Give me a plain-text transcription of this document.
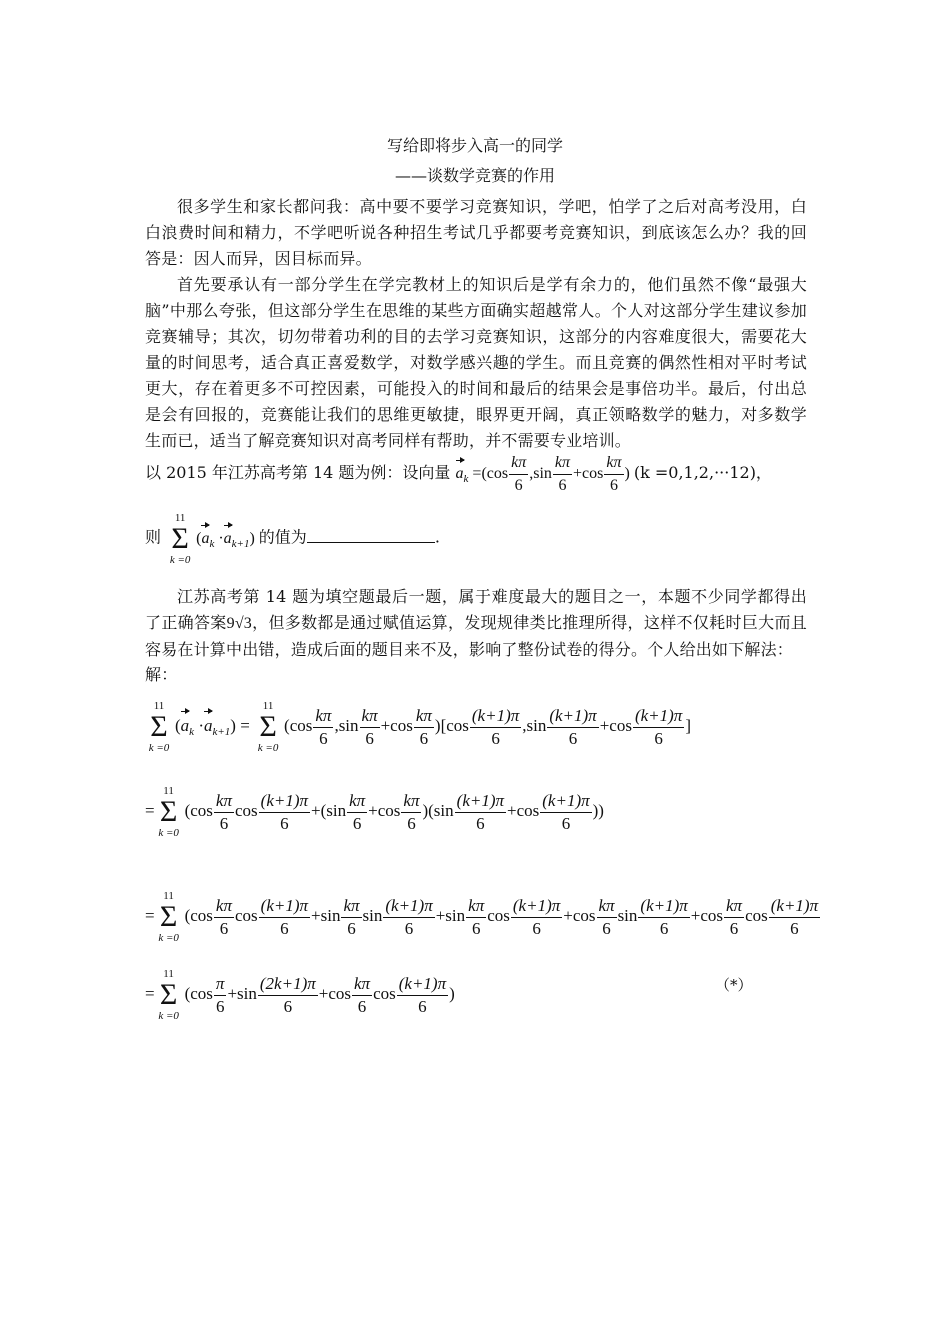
写给即将步入高一的同学
——谈数学竞赛的作用

很多学生和家长都问我：高中要不要学习竞赛知识，学吧，怕学了之后对高考没用，白白浪费时间和精力，不学吧听说各种招生考试几乎都要考竞赛知识，到底该怎么办？我的回答是：因人而异，因目标而异。

首先要承认有一部分学生在学完教材上的知识后是学有余力的，他们虽然不像“最强大脑”中那么夸张，但这部分学生在思维的某些方面确实超越常人。个人对这部分学生建议参加竞赛辅导；其次，切勿带着功利的目的去学习竞赛知识，这部分的内容难度很大，需要花大量的时间思考，适合真正喜爱数学，对数学感兴趣的学生。而且竞赛的偶然性相对平时考试更大，存在着更多不可控因素，可能投入的时间和最后的结果会是事倍功半。最后，付出总是会有回报的，竞赛能让我们的思维更敏捷，眼界更开阔，真正领略数学的魅力，对多数学生而已，适当了解竞赛知识对高考同样有帮助，并不需要专业培训。

以 2015 年江苏高考第 14 题为例：设向量 $a_k =(\cos \frac{k\pi}{6} ,\sin \frac{k\pi}{6} +\cos \frac{k\pi}{6}$ ) (k =0,1,2,···12)，
则
11
Σ
k =0
$(a_k \cdot a_{k+1})$ 的值为	.

江苏高考第 14 题为填空题最后一题，属于难度最大的题目之一，本题不少同学都得出了正确答案9√3，但多数都是通过赋值运算，发现规律类比推理所得，这样不仅耗时巨大而且容易在计算中出错，造成后面的题目来不及，影响了整份试卷的得分。个人给出如下解法：

解：
11
Σ
k =0
$(a_k \cdot a_{k+1})$ =
11
Σ
k =0
$(\cos \frac{k\pi}{6} ,\sin \frac{k\pi}{6} +\cos \frac{k\pi}{6} )[\cos \frac{(k+1)\pi}{6} ,\sin \frac{(k+1)\pi}{6} +\cos \frac{(k+1)\pi}{6}$ ]
=
11
Σ
k =0
($\cos \frac{k\pi}{6}$ $\cos \frac{(k+1)\pi}{6} +(\sin \frac{k\pi}{6} +\cos \frac{k\pi}{6} )(\sin \frac{(k+1)\pi}{6} +\cos \frac{(k+1)\pi}{6}$ ))
=
11
Σ
k =0
($\cos \frac{k\pi}{6}$ $\cos \frac{(k+1)\pi}{6} +\sin \frac{k\pi}{6}$ $\sin \frac{(k+1)\pi}{6} +\sin \frac{k\pi}{6}$ $\cos \frac{(k+1)\pi}{6} +\cos \frac{k\pi}{6}$ $\sin \frac{(k+1)\pi}{6} +\cos \frac{k\pi}{6}$ $\cos \frac{(k+1)\pi}{6}$
=
11
Σ
k =0
($\cos \frac{\pi}{6} +\sin \frac{(2k+1)\pi}{6} +\cos \frac{k\pi}{6}$ $\cos \frac{(k+1)\pi}{6}$ )	（*）
